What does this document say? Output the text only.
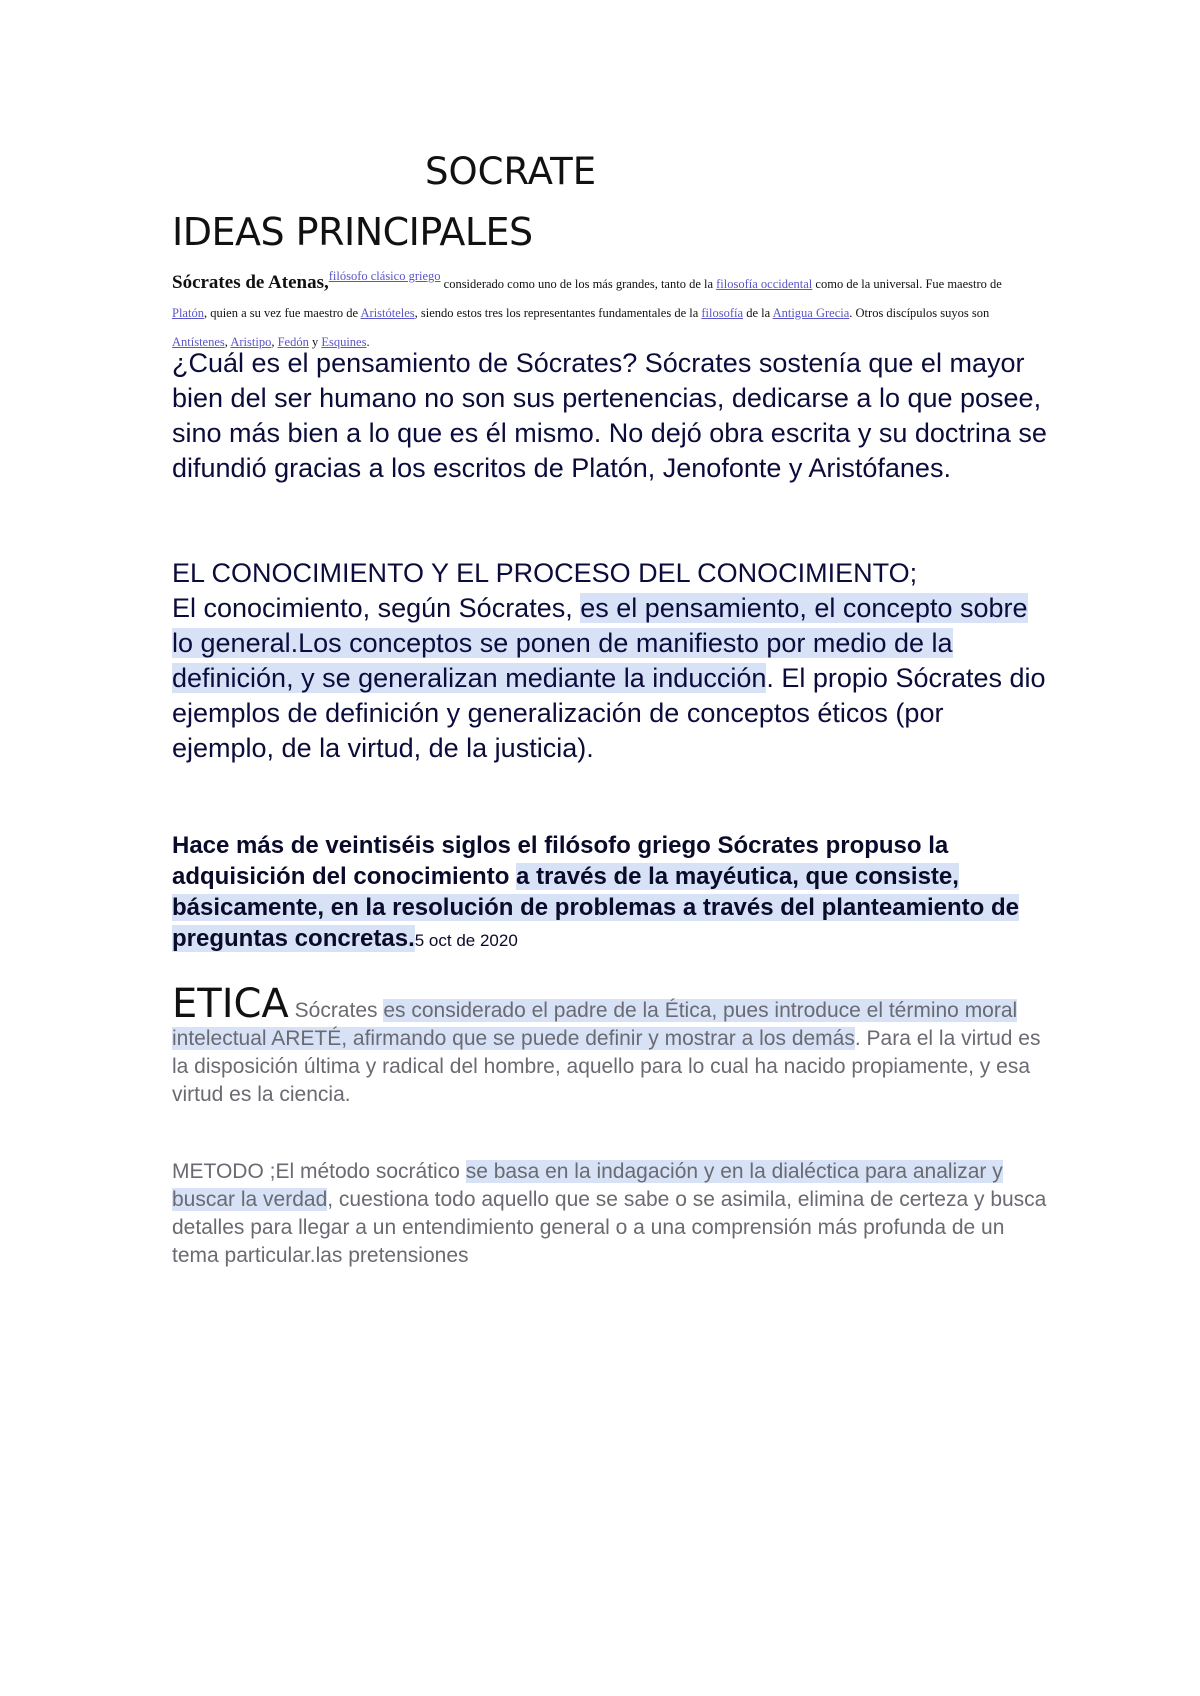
SOCRATE
IDEAS PRINCIPALES
Sócrates de Atenas,filósofo clásico griego considerado como uno de los más grandes, tanto de la filosofía occidental como de la universal. Fue maestro de Platón, quien a su vez fue maestro de Aristóteles, siendo estos tres los representantes fundamentales de la filosofía de la Antigua Grecia. Otros discípulos suyos son Antístenes, Aristipo, Fedón y Esquines.

¿Cuál es el pensamiento de Sócrates? Sócrates sostenía que el mayor bien del ser humano no son sus pertenencias, dedicarse a lo que posee, sino más bien a lo que es él mismo. No dejó obra escrita y su doctrina se difundió gracias a los escritos de Platón, Jenofonte y Aristófanes.

EL CONOCIMIENTO Y EL PROCESO DEL CONOCIMIENTO;
El conocimiento, según Sócrates, es el pensamiento, el concepto sobre lo general.Los conceptos se ponen de manifiesto por medio de la definición, y se generalizan mediante la inducción. El propio Sócrates dio ejemplos de definición y generalización de conceptos éticos (por ejemplo, de la virtud, de la justicia).

Hace más de veintiséis siglos el filósofo griego Sócrates propuso la adquisición del conocimiento a través de la mayéutica, que consiste, básicamente, en la resolución de problemas a través del planteamiento de preguntas concretas.5 oct de 2020

ETICA Sócrates es considerado el padre de la Ética, pues introduce el término moral intelectual ARETÉ, afirmando que se puede definir y mostrar a los demás. Para el la virtud es la disposición última y radical del hombre, aquello para lo cual ha nacido propiamente, y esa virtud es la ciencia.

METODO ;El método socrático se basa en la indagación y en la dialéctica para analizar y buscar la verdad, cuestiona todo aquello que se sabe o se asimila, elimina de certeza y busca detalles para llegar a un entendimiento general o a una comprensión más profunda de un tema particular.las pretensiones
